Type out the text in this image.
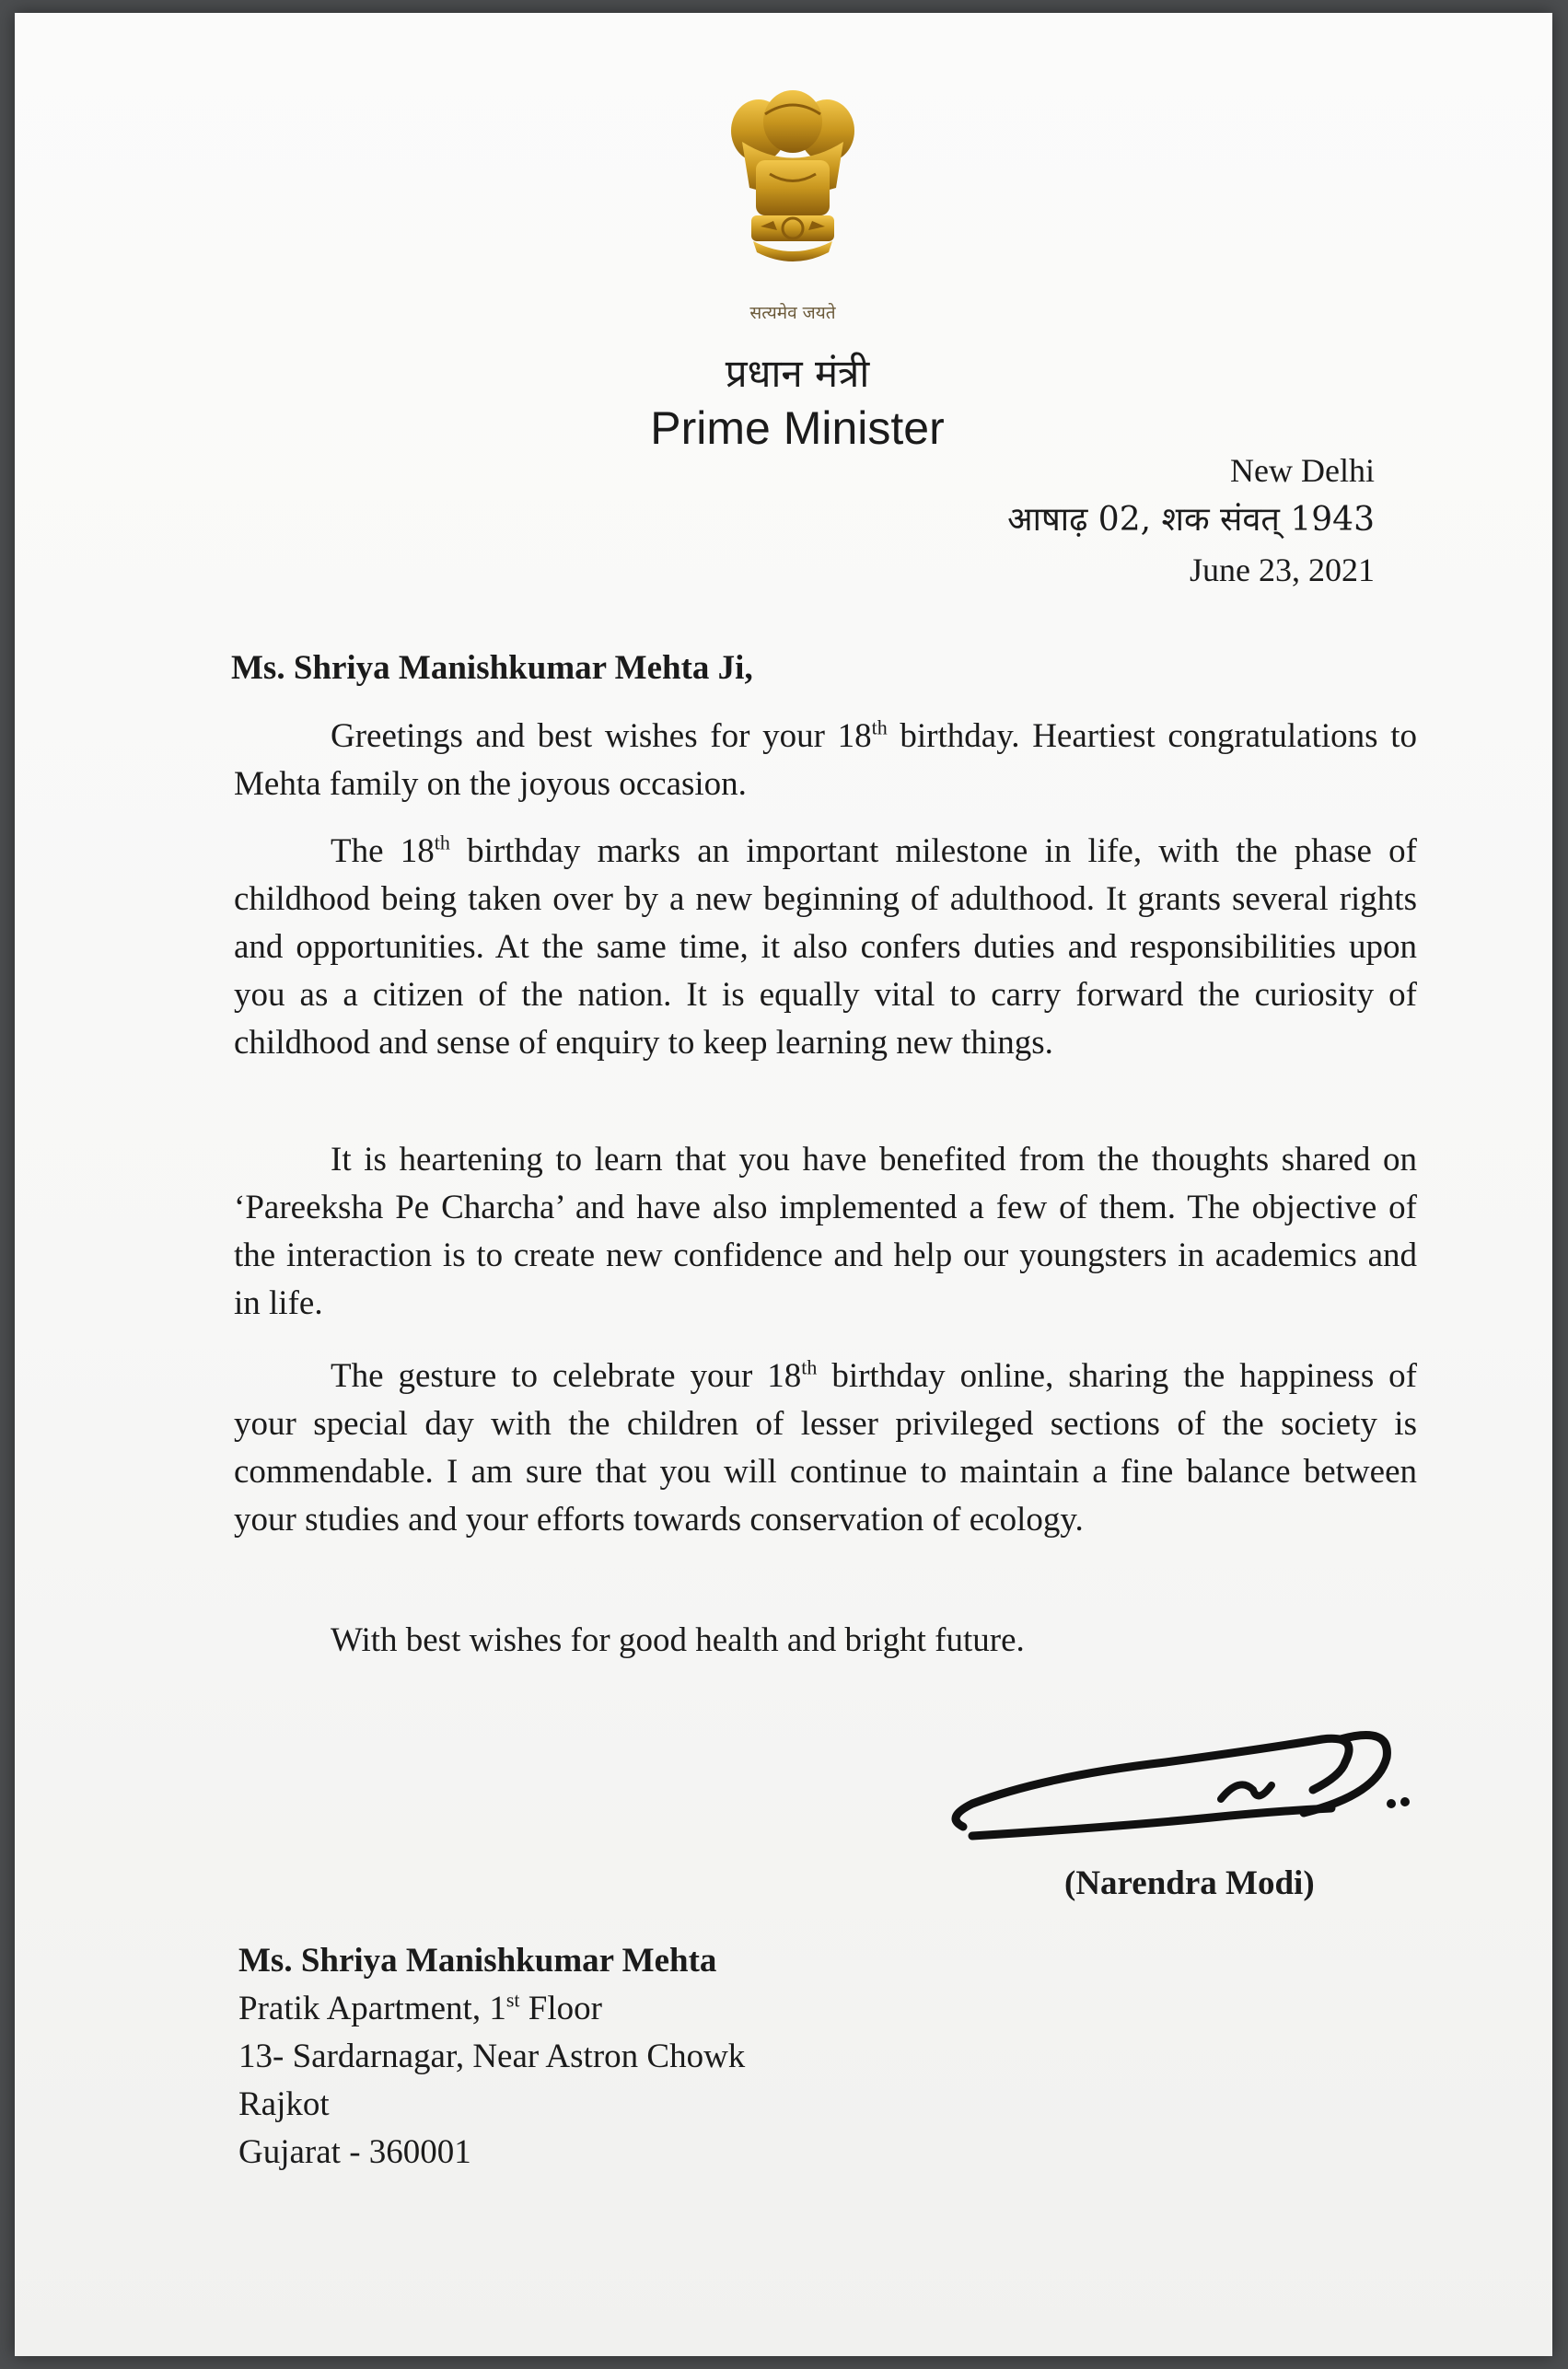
सत्यमेव जयते
प्रधान मंत्री
Prime Minister
New Delhi
आषाढ़ 02, शक संवत् 1943
June 23, 2021
Ms. Shriya Manishkumar Mehta Ji,

Greetings and best wishes for your 18th birthday. Heartiest congratulations to Mehta family on the joyous occasion.

The 18th birthday marks an important milestone in life, with the phase of childhood being taken over by a new beginning of adulthood. It grants several rights and opportunities. At the same time, it also confers duties and responsibilities upon you as a citizen of the nation. It is equally vital to carry forward the curiosity of childhood and sense of enquiry to keep learning new things.

It is heartening to learn that you have benefited from the thoughts shared on ‘Pareeksha Pe Charcha’ and have also implemented a few of them. The objective of the interaction is to create new confidence and help our youngsters in academics and in life.

The gesture to celebrate your 18th birthday online, sharing the happiness of your special day with the children of lesser privileged sections of the society is commendable. I am sure that you will continue to maintain a fine balance between your studies and your efforts towards conservation of ecology.

With best wishes for good health and bright future.

(Narendra Modi)
Ms. Shriya Manishkumar Mehta
Pratik Apartment, 1st Floor
13- Sardarnagar, Near Astron Chowk
Rajkot
Gujarat - 360001
